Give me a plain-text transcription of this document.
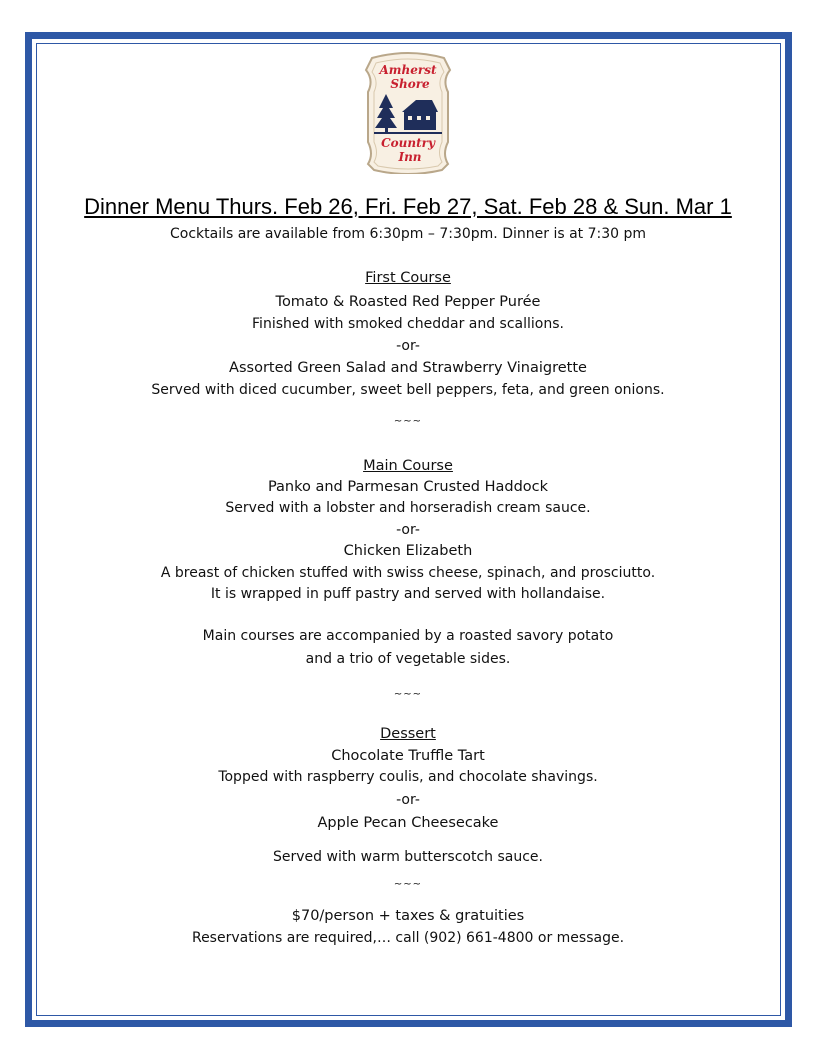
Amherst
Shore
Country
Inn
Dinner Menu Thurs. Feb 26, Fri. Feb 27, Sat. Feb 28 & Sun. Mar 1
Cocktails are available from 6:30pm – 7:30pm. Dinner is at 7:30 pm
First Course
Tomato & Roasted Red Pepper Purée
Finished with smoked cheddar and scallions.
-or-
Assorted Green Salad and Strawberry Vinaigrette
Served with diced cucumber, sweet bell peppers, feta, and green onions.
~~~
Main Course
Panko and Parmesan Crusted Haddock
Served with a lobster and horseradish cream sauce.
-or-
Chicken Elizabeth
A breast of chicken stuffed with swiss cheese, spinach, and prosciutto.
It is wrapped in puff pastry and served with hollandaise.
Main courses are accompanied by a roasted savory potato
and a trio of vegetable sides.
~~~
Dessert
Chocolate Truffle Tart
Topped with raspberry coulis, and chocolate shavings.
-or-
Apple Pecan Cheesecake
Served with warm butterscotch sauce.
~~~
$70/person + taxes & gratuities
Reservations are required,… call (902) 661-4800 or message.
